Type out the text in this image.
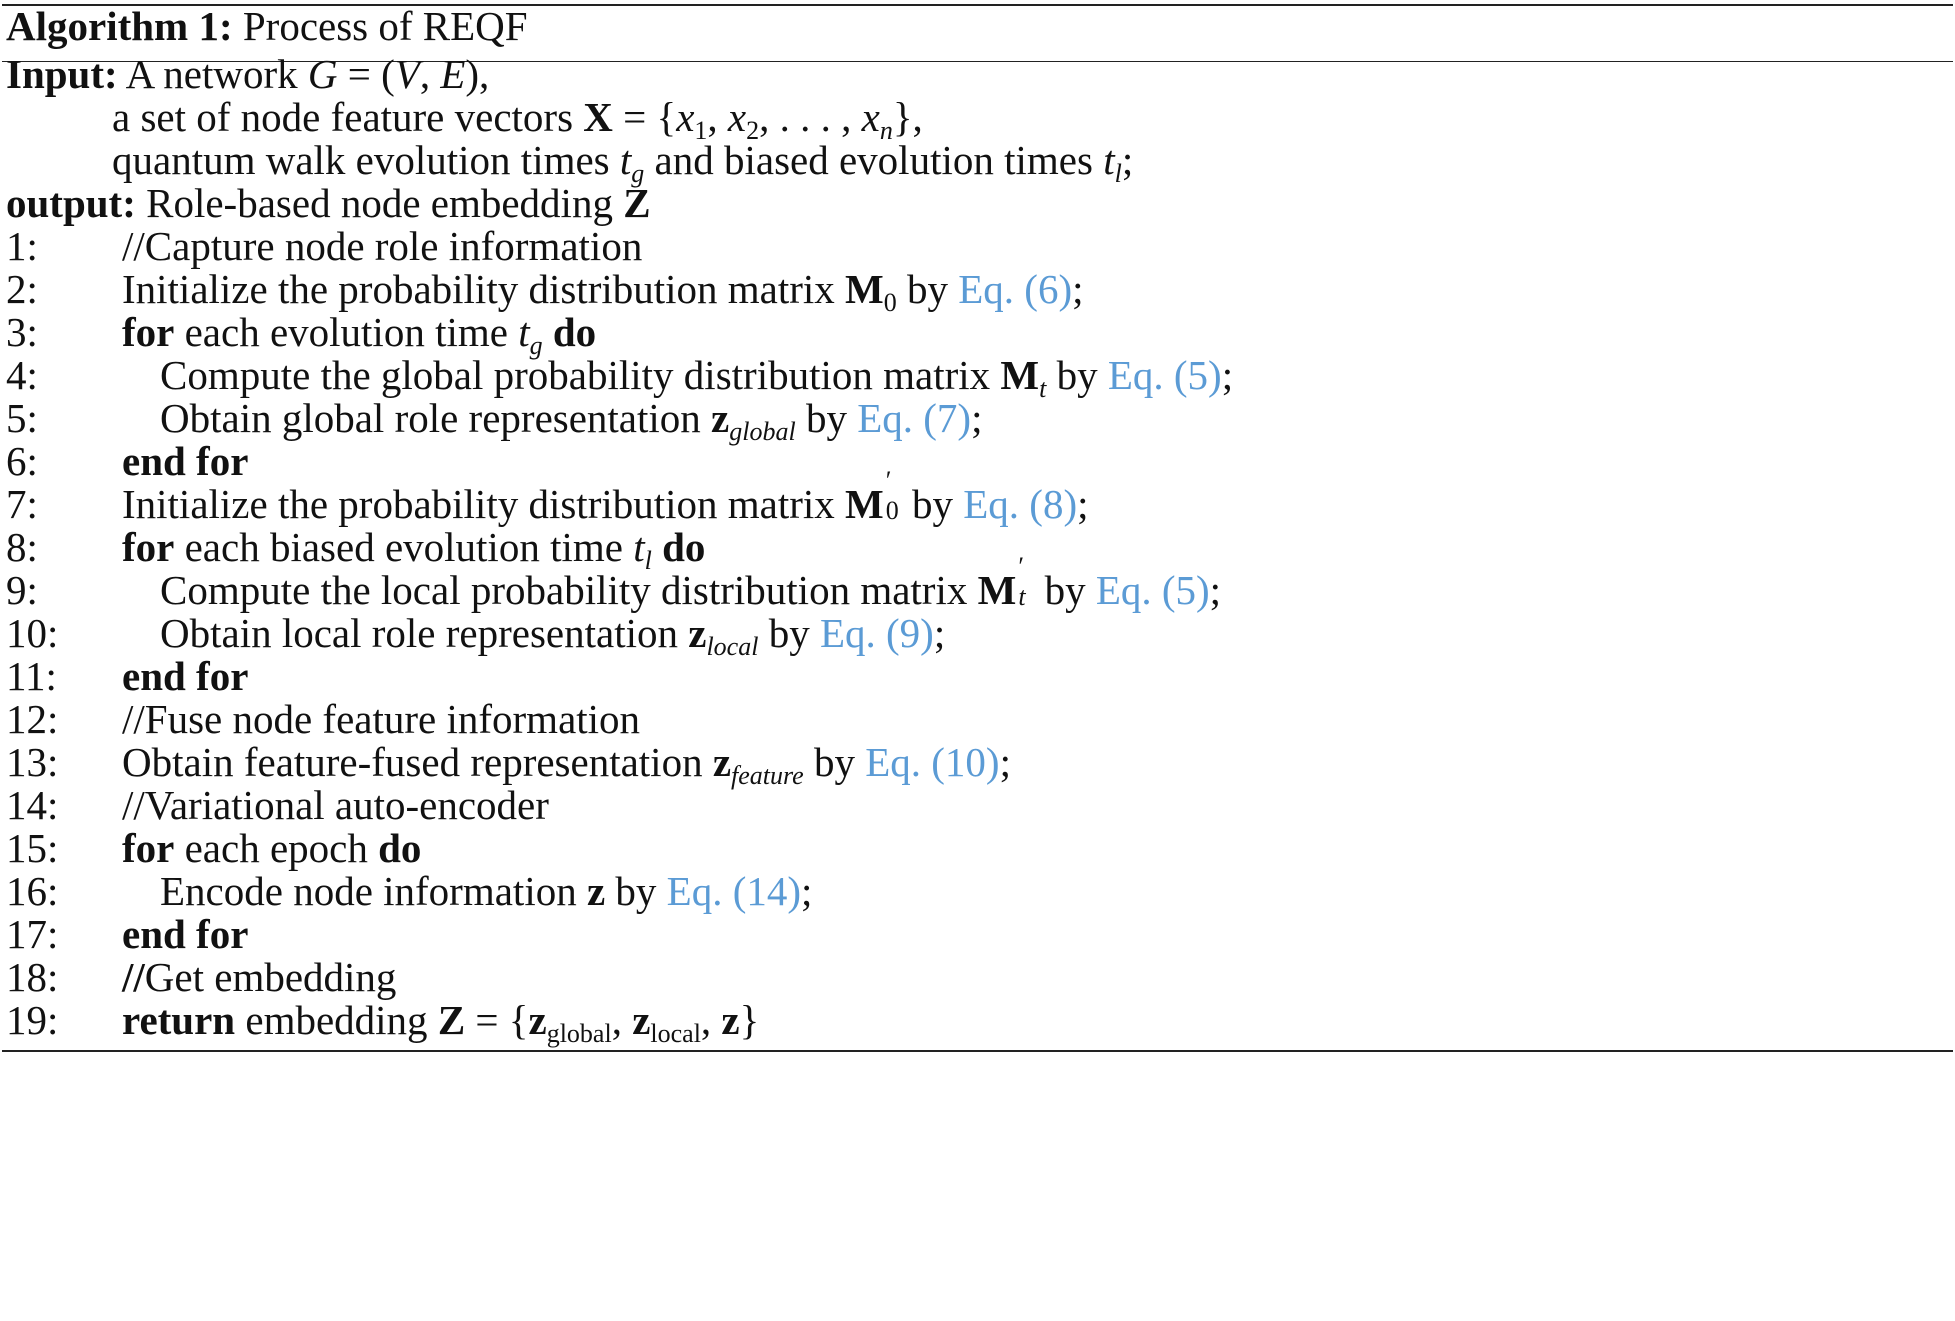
Algorithm 1: Process of REQF
Input: A network G = (V, E),
a set of node feature vectors $X = \{x_1$, $x_2$, . . . , xn},
quantum walk evolution times tg and biased evolution times tl;
output: Role-based node embedding Z
1: //Capture node role information
2: Initialize the probability distribution matrix $M_0$ by Eq. (6);
3: for each evolution time tg do
4:	Compute the global probability distribution matrix Mt by Eq. (5);
5:	Obtain global role representation zglobal by Eq. (7);
6: end for
7: Initialize the probability distribution matrix M
′
0 by Eq. (8);
8: for each biased evolution time tl do
9:	Compute the local probability distribution matrix M
′
t by Eq. (5);
10: Obtain local role representation zlocal by Eq. (9);
11: end for
12: //Fuse node feature information
13: Obtain feature-fused representation zfeature by Eq. (10);
14: //Variational auto-encoder
15: for each epoch do
16: Encode node information z by Eq. (14);
17: end for
18: //Get embedding
19: return embedding $Z = \{z_{global}$, $z_{local}$, z}
